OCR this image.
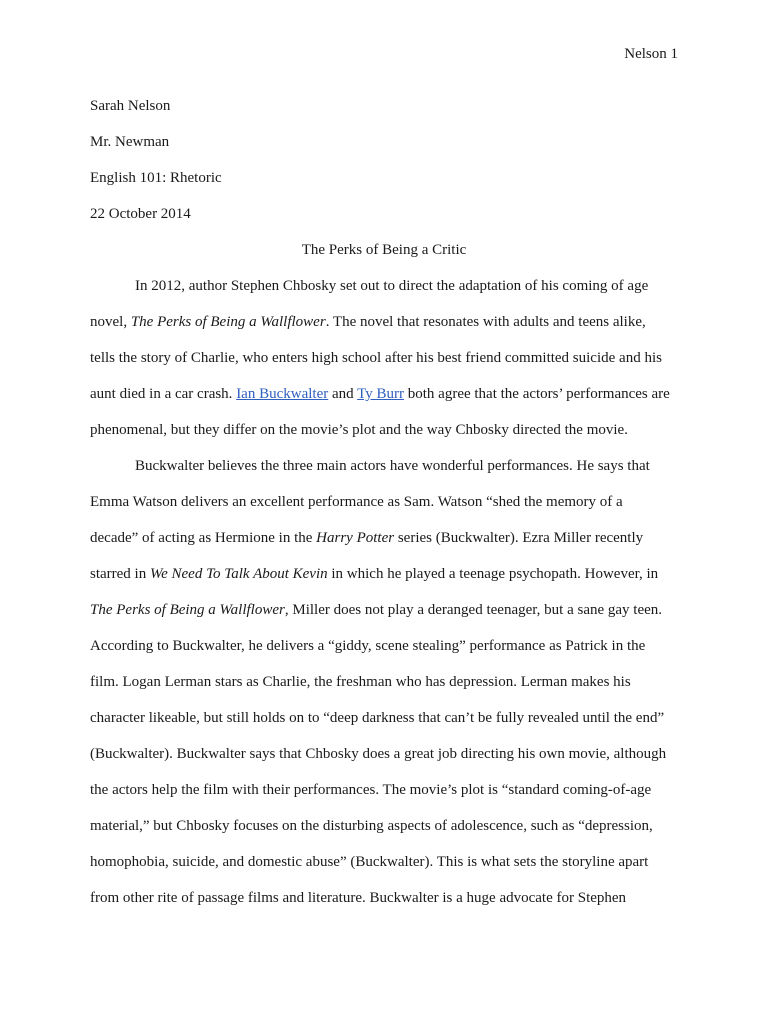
Nelson 1
Sarah Nelson
Mr. Newman
English 101: Rhetoric
22 October 2014
The Perks of Being a Critic
In 2012, author Stephen Chbosky set out to direct the adaptation of his coming of age
novel, The Perks of Being a Wallflower. The novel that resonates with adults and teens alike,
tells the story of Charlie, who enters high school after his best friend committed suicide and his
aunt died in a car crash. Ian Buckwalter and Ty Burr both agree that the actors’ performances are
phenomenal, but they differ on the movie’s plot and the way Chbosky directed the movie.
Buckwalter believes the three main actors have wonderful performances. He says that
Emma Watson delivers an excellent performance as Sam. Watson “shed the memory of a
decade” of acting as Hermione in the Harry Potter series (Buckwalter). Ezra Miller recently
starred in We Need To Talk About Kevin in which he played a teenage psychopath. However, in
The Perks of Being a Wallflower, Miller does not play a deranged teenager, but a sane gay teen.
According to Buckwalter, he delivers a “giddy, scene stealing” performance as Patrick in the
film. Logan Lerman stars as Charlie, the freshman who has depression. Lerman makes his
character likeable, but still holds on to “deep darkness that can’t be fully revealed until the end”
(Buckwalter). Buckwalter says that Chbosky does a great job directing his own movie, although
the actors help the film with their performances. The movie’s plot is “standard coming-of-age
material,” but Chbosky focuses on the disturbing aspects of adolescence, such as “depression,
homophobia, suicide, and domestic abuse” (Buckwalter). This is what sets the storyline apart
from other rite of passage films and literature. Buckwalter is a huge advocate for Stephen
